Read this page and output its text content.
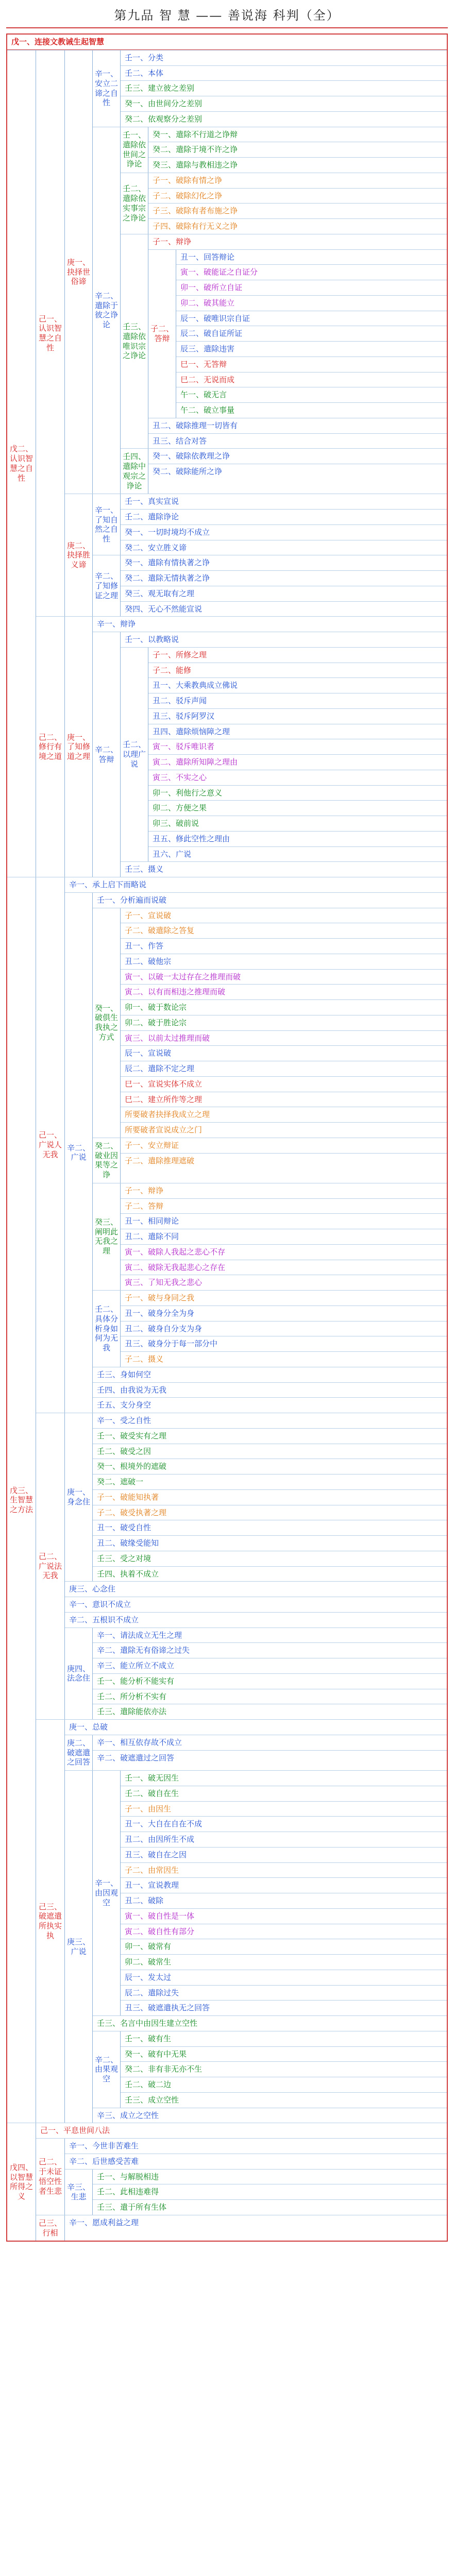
第九品 智 慧 —— 善说海 科判（全）
戊一、连接文教诫生起智慧
戊二、认识智慧之自性
己一、认识智慧之自性
庚一、抉择世俗谛
辛一、安立二谛之自性
壬一、分类
壬二、本体
壬三、建立彼之差别
癸一、由世间分之差别
癸二、依观察分之差别
辛二、遣除于彼之诤论
壬一、遣除依世间之诤论
癸一、遣除不行道之诤辩
癸二、遣除于境不许之诤
癸三、遣除与教相违之诤
壬二、遣除依实事宗之诤论
子一、破除有情之诤
子二、破除幻化之诤
子三、破除有者布施之诤
子四、破除有行无义之诤
壬三、遣除依唯识宗之诤论
子一、辩诤
子二、答辩
丑一、回答辩论
寅一、破能证之自证分
卯一、破所立自证
卯二、破其能立
辰一、破唯识宗自证
辰二、破自证所证
辰三、遣除违害
巳一、无答辩
巳二、无说而成
午一、破无言
午二、破立事量
丑二、破除推理一切皆有
丑三、结合对答
壬四、遣除中观宗之诤论
癸一、破除依教理之诤
癸二、破除能所之诤
庚二、抉择胜义谛
辛一、了知自然之自性
壬一、真实宣说
壬二、遣除诤论
癸一、一切时境均不成立
癸二、安立胜义谛
辛二、了知修证之理
癸一、遣除有情执著之诤
癸二、遣除无情执著之诤
癸三、观无取有之理
癸四、无心不然能宣说
己二、修行有境之道
庚一、了知修道之理
辛一、辩诤
辛二、答辩
壬一、以教略说
壬二、以理广说
子一、所修之理
子二、能修
丑一、大乘教典成立佛说
丑二、驳斥声闻
丑三、驳斥阿罗汉
丑四、遣除烦恼障之理
寅一、驳斥唯识者
寅二、遣除所知障之理由
寅三、不实之心
卯一、利他行之意义
卯二、方便之果
卯三、破前说
丑五、修此空性之理由
丑六、广说
壬三、摄义
戊三、生智慧之方法
己一、广说人无我
辛一、承上启下而略说
辛二、广说
壬一、分析遍而说破
癸一、破俱生我执之方式
子一、宣说破
子二、破遣除之答复
丑一、作答
丑二、破他宗
寅一、以破一太过存在之推理而破
寅二、以有而相违之推理而破
卯一、破于数论宗
卯二、破于胜论宗
寅三、以前太过推理而破
辰一、宣说破
辰二、遣除不定之理
巳一、宣说实体不成立
巳二、建立所作等之理
所要破者抉择我成立之理
所要破者宣说成立之门
癸二、破业因果等之诤
子一、安立辩证
子二、遣除推理遮破
癸三、阐明此无我之理
子一、辩诤
子二、答辩
丑一、相同辩论
丑二、遣除不同
寅一、破除人我起之悲心不存
寅二、破除无我起悲心之存在
寅三、了知无我之悲心
壬二、具体分析身如何为无我
子一、破与身同之我
丑一、破身分全为身
丑二、破身自分支为身
丑三、破身分于每一部分中
子二、摄义
壬三、身如何空
壬四、由我说为无我
壬五、支分身空
己二、广说法无我
庚一、身念住
辛一、受之自性
壬一、破受实有之理
壬二、破受之因
癸一、根境外的遮破
癸二、遮破一
子一、破能知执著
子二、破受执著之理
丑一、破受自性
丑二、破缘受能知
壬三、受之对境
壬四、执着不成立
庚三、心念住
辛一、意识不成立
辛二、五根识不成立
庚四、法念住
辛一、请法成立无生之理
辛二、遣除无有俗谛之过失
辛三、能立所立不成立
壬一、能分析不能实有
壬二、所分析不实有
壬三、遣除能依亦法
己三、破遮遣所执实执
庚一、总破
庚二、破遮遣之回答
辛一、相互依存故不成立
辛二、破遮遣过之回答
庚三、广说
辛一、由因观空
壬一、破无因生
壬二、破自在生
子一、由因生
丑一、大自在自在不成
丑二、由因所生不成
丑三、破自在之因
子二、由常因生
丑一、宣说教理
丑二、破除
寅一、破自性是一体
寅二、破自性有部分
卯一、破常有
卯二、破常生
辰一、发太过
辰二、遣除过失
丑三、破遮遣执无之回答
壬三、名言中由因生建立空性
辛二、由果观空
壬一、破有生
癸一、破有中无果
癸二、非有非无亦不生
壬二、破二边
壬三、成立空性
辛三、成立之空性
戊四、以智慧所得之义
己一、平息世间八法
己二、于未证悟空性者生悲
辛一、今世非苦难生
辛二、后世感受苦难
辛三、生悲
壬一、与解脱相违
壬二、此相违难得
壬三、遣于所有生体
己三、行相
辛一、愿成利益之理
